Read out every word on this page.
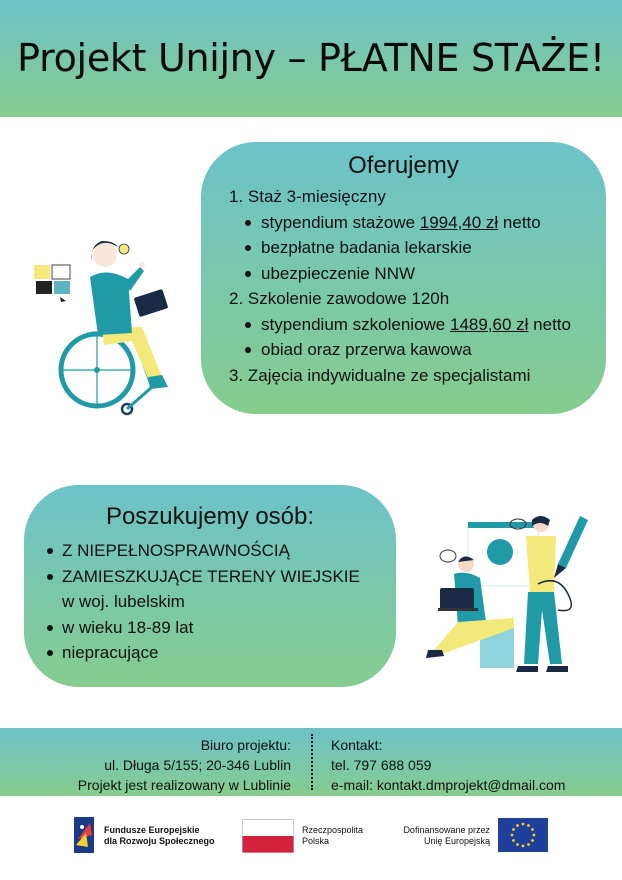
Projekt Unijny – PŁATNE STAŻE!
Oferujemy
1. Staż 3-miesięczny
stypendium stażowe 1994,40 zł netto
bezpłatne badania lekarskie
ubezpieczenie NNW
2. Szkolenie zawodowe 120h
stypendium szkoleniowe 1489,60 zł netto
obiad oraz przerwa kawowa
3. Zajęcia indywidualne ze specjalistami
Poszukujemy osób:
Z NIEPEŁNOSPRAWNOŚCIĄ
ZAMIESZKUJĄCE TERENY WIEJSKIE
w woj. lubelskim
w wieku 18-89 lat
niepracujące
Biuro projektu:
ul. Długa 5/155; 20-346 Lublin
Projekt jest realizowany w Lublinie
Kontakt:
tel. 797 688 059
e-mail: kontakt.dmprojekt@dmail.com
Fundusze Europejskie
dla Rozwoju Społecznego
Rzeczpospolita
Polska
Dofinansowane przez
Unię Europejską
